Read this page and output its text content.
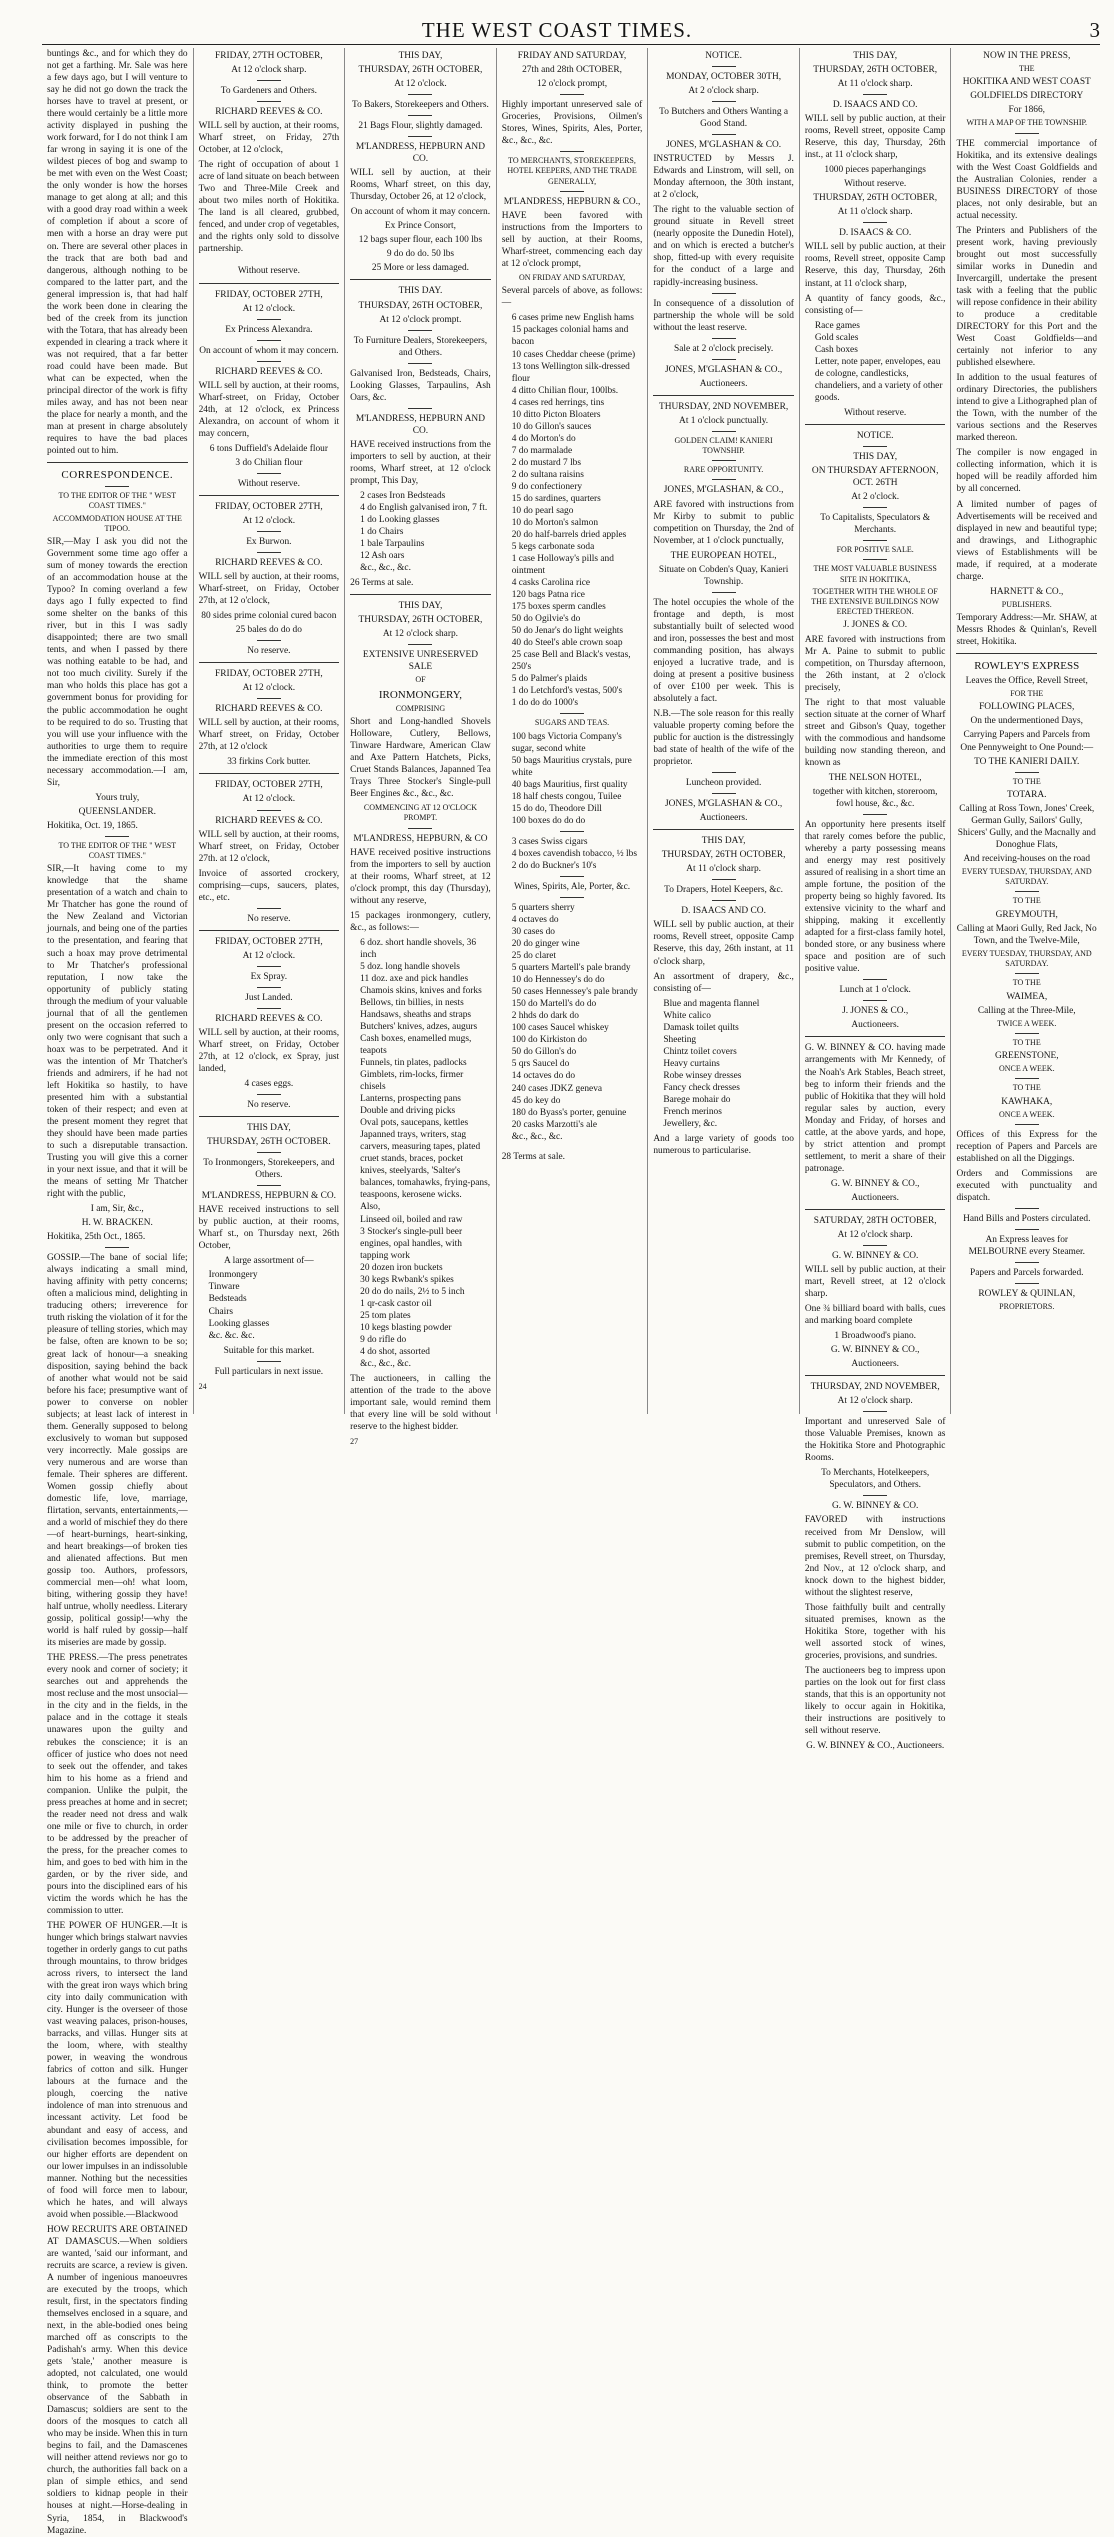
THE WEST COAST TIMES.	3
buntings &c., and for which they do not get a farthing. Mr. Sale was here a few days ago, but I will venture to say he did not go down the track the horses have to travel at present, or there would certainly be a little more activity displayed in pushing the work forward, for I do not think I am far wrong in saying it is one of the wildest pieces of bog and swamp to be met with even on the West Coast; the only wonder is how the horses manage to get along at all; and this with a good dray road within a week of completion if about a score of men with a horse an dray were put on. There are several other places in the track that are both bad and dangerous, although nothing to be compared to the latter part, and the general impression is, that had half the work been done in clearing the bed of the creek from its junction with the Totara, that has already been expended in clearing a track where it was not required, that a far better road could have been made. But what can be expected, when the principal director of the work is fifty miles away, and has not been near the place for nearly a month, and the man at present in charge absolutely requires to have the bad places pointed out to him.
CORRESPONDENCE.
TO THE EDITOR OF THE " WEST COAST TIMES."
ACCOMMODATION HOUSE AT THE TIPOO.
SIR,—May I ask you did not the Government some time ago offer a sum of money towards the erection of an accommodation house at the Typoo? In coming overland a few days ago I fully expected to find some shelter on the banks of this river, but in this I was sadly disappointed; there are two small tents, and when I passed by there was nothing eatable to be had, and not too much civility. Surely if the man who holds this place has got a government bonus for providing for the public accommodation he ought to be required to do so. Trusting that you will use your influence with the authorities to urge them to require the immediate erection of this most necessary accommodation.—I am, Sir,
Yours truly,
QUEENSLANDER.
Hokitika, Oct. 19, 1865.
TO THE EDITOR OF THE " WEST COAST TIMES."
SIR,—It having come to my knowledge that the shame presentation of a watch and chain to Mr Thatcher has gone the round of the New Zealand and Victorian journals, and being one of the parties to the presentation, and fearing that such a hoax may prove detrimental to Mr Thatcher's professional reputation, I now take the opportunity of publicly stating through the medium of your valuable journal that of all the gentlemen present on the occasion referred to only two were cognisant that such a hoax was to be perpetrated. And it was the intention of Mr Thatcher's friends and admirers, if he had not left Hokitika so hastily, to have presented him with a substantial token of their respect; and even at the present moment they regret that they should have been made parties to such a disreputable transaction. Trusting you will give this a corner in your next issue, and that it will be the means of setting Mr Thatcher right with the public,
I am, Sir, &c.,
H. W. BRACKEN.
Hokitika, 25th Oct., 1865.
GOSSIP.—The bane of social life; always indicating a small mind, having affinity with petty concerns; often a malicious mind, delighting in traducing others; irreverence for truth risking the violation of it for the pleasure of telling stories, which may be false, often are known to be so; great lack of honour—a sneaking disposition, saying behind the back of another what would not be said before his face; presumptive want of power to converse on nobler subjects; at least lack of interest in them. Generally supposed to belong exclusively to woman but supposed very incorrectly. Male gossips are very numerous and are worse than female. Their spheres are different. Women gossip chiefly about domestic life, love, marriage, flirtation, servants, entertainments,—and a world of mischief they do there—of heart-burnings, heart-sinking, and heart breakings—of broken ties and alienated affections. But men gossip too. Authors, professors, commercial men—oh! what loom, biting, withering gossip they have! half untrue, wholly needless. Literary gossip, political gossip!—why the world is half ruled by gossip—half its miseries are made by gossip.
THE PRESS.—The press penetrates every nook and corner of society; it searches out and apprehends the most recluse and the most unsocial—in the city and in the fields, in the palace and in the cottage it steals unawares upon the guilty and rebukes the conscience; it is an officer of justice who does not need to seek out the offender, and takes him to his home as a friend and companion. Unlike the pulpit, the press preaches at home and in secret; the reader need not dress and walk one mile or five to church, in order to be addressed by the preacher of the press, for the preacher comes to him, and goes to bed with him in the garden, or by the river side, and pours into the disciplined ears of his victim the words which he has the commission to utter.
THE POWER OF HUNGER.—It is hunger which brings stalwart navvies together in orderly gangs to cut paths through mountains, to throw bridges across rivers, to intersect the land with the great iron ways which bring city into daily communication with city. Hunger is the overseer of those vast weaving palaces, prison-houses, barracks, and villas. Hunger sits at the loom, where, with stealthy power, in weaving the wondrous fabrics of cotton and silk. Hunger labours at the furnace and the plough, coercing the native indolence of man into strenuous and incessant activity. Let food be abundant and easy of access, and civilisation becomes impossible, for our higher efforts are dependent on our lower impulses in an indissoluble manner. Nothing but the necessities of food will force men to labour, which he hates, and will always avoid when possible.—Blackwood
HOW RECRUITS ARE OBTAINED AT DAMASCUS.—When soldiers are wanted, 'said our informant, and recruits are scarce, a review is given. A number of ingenious manoeuvres are executed by the troops, which result, first, in the spectators finding themselves enclosed in a square, and next, in the able-bodied ones being marched off as conscripts to the Padishah's army. When this device gets 'stale,' another measure is adopted, not calculated, one would think, to promote the better observance of the Sabbath in Damascus; soldiers are sent to the doors of the mosques to catch all who may be inside. When this in turn begins to fail, and the Damascenes will neither attend reviews nor go to church, the authorities fall back on a plan of simple ethics, and send soldiers to kidnap people in their houses at night.—Horse-dealing in Syria, 1854, in Blackwood's Magazine.
FRIDAY, 27TH OCTOBER,
At 12 o'clock sharp.
To Gardeners and Others.
RICHARD REEVES & CO.
WILL sell by auction, at their rooms, Wharf street, on Friday, 27th October, at 12 o'clock,
The right of occupation of about 1 acre of land situate on beach between Two and Three-Mile Creek and about two miles north of Hokitika. The land is all cleared, grubbed, fenced, and under crop of vegetables, and the rights only sold to dissolve partnership.
Without reserve.
FRIDAY, OCTOBER 27TH,
At 12 o'clock.
Ex Princess Alexandra.
On account of whom it may concern.
RICHARD REEVES & CO.
WILL sell by auction, at their rooms, Wharf-street, on Friday, October 24th, at 12 o'clock, ex Princess Alexandra, on account of whom it may concern,
6 tons Duffield's Adelaide flour
3 do Chilian flour
Without reserve.
FRIDAY, OCTOBER 27TH,
At 12 o'clock.
Ex Burwon.
RICHARD REEVES & CO.
WILL sell by auction, at their rooms, Wharf-street, on Friday, October 27th, at 12 o'clock,
80 sides prime colonial cured bacon
25 bales do do do
No reserve.
FRIDAY, OCTOBER 27TH,
At 12 o'clock.
RICHARD REEVES & CO.
WILL sell by auction, at their rooms, Wharf street, on Friday, October 27th, at 12 o'clock
33 firkins Cork butter.
FRIDAY, OCTOBER 27TH,
At 12 o'clock.
RICHARD REEVES & CO.
WILL sell by auction, at their rooms, Wharf street, on Friday, October 27th. at 12 o'clock,
Invoice of assorted crockery, comprising—cups, saucers, plates, etc., etc.
No reserve.
FRIDAY, OCTOBER 27TH,
At 12 o'clock.
Ex Spray.
Just Landed.
RICHARD REEVES & CO.
WILL sell by auction, at their rooms, Wharf street, on Friday, October 27th, at 12 o'clock, ex Spray, just landed,
4 cases eggs.
No reserve.
THIS DAY,
THURSDAY, 26TH OCTOBER.
To Ironmongers, Storekeepers, and Others.
M'LANDRESS, HEPBURN & CO.
HAVE received instructions to sell by public auction, at their rooms, Wharf st., on Thursday next, 26th October,
A large assortment of—
Ironmongery
Tinware
Bedsteads
Chairs
Looking glasses
&c. &c. &c.
Suitable for this market.
Full particulars in next issue.
24
THIS DAY,
THURSDAY, 26TH OCTOBER,
At 12 o'clock.
To Bakers, Storekeepers and Others.
21 Bags Flour, slightly damaged.
M'LANDRESS, HEPBURN AND CO.
WILL sell by auction, at their Rooms, Wharf street, on this day, Thursday, October 26, at 12 o'clock,
On account of whom it may concern.
Ex Prince Consort,
12 bags super flour, each 100 lbs
9 do do do. 50 lbs
25 More or less damaged.
THIS DAY.
THURSDAY, 26TH OCTOBER,
At 12 o'clock prompt.
To Furniture Dealers, Storekeepers, and Others.
Galvanised Iron, Bedsteads, Chairs, Looking Glasses, Tarpaulins, Ash Oars, &c.
M'LANDRESS, HEPBURN AND CO.
HAVE received instructions from the importers to sell by auction, at their rooms, Wharf street, at 12 o'clock prompt, This Day,
2 cases Iron Bedsteads
4 do English galvanised iron, 7 ft.
1 do Looking glasses
1 do Chairs
1 bale Tarpaulins
12 Ash oars
&c., &c., &c.
26 Terms at sale.
THIS DAY,
THURSDAY, 26TH OCTOBER,
At 12 o'clock sharp.
EXTENSIVE UNRESERVED SALE
OF
IRONMONGERY,
COMPRISING
Short and Long-handled Shovels Holloware, Cutlery, Bellows, Tinware Hardware, American Claw and Axe Pattern Hatchets, Picks, Cruet Stands Balances, Japanned Tea Trays Three Stocker's Single-pull Beer Engines &c., &c., &c.
COMMENCING AT 12 O'CLOCK PROMPT.
M'LANDRESS, HEPBURN, & CO
HAVE received positive instructions from the importers to sell by auction at their rooms, Wharf street, at 12 o'clock prompt, this day (Thursday), without any reserve,
15 packages ironmongery, cutlery, &c., as follows:—
6 doz. short handle shovels, 36 inch
5 doz. long handle shovels
11 doz. axe and pick handles
Chamois skins, knives and forks
Bellows, tin billies, in nests
Handsaws, sheaths and straps
Butchers' knives, adzes, augurs
Cash boxes, enamelled mugs, teapots
Funnels, tin plates, padlocks
Gimblets, rim-locks, firmer chisels
Lanterns, prospecting pans
Double and driving picks
Oval pots, saucepans, kettles
Japanned trays, writers, stag carvers, measuring tapes, plated cruet stands, braces, pocket knives, steelyards, 'Salter's balances, tomahawks, frying-pans, teaspoons, kerosene wicks.
Also,
Linseed oil, boiled and raw
3 Stocker's single-pull beer engines, opal handles, with tapping work
20 dozen iron buckets
30 kegs Rwbank's spikes
20 do do nails, 2½ to 5 inch
1 qr-cask castor oil
25 tom plates
10 kegs blasting powder
9 do rifle do
4 do shot, assorted
&c., &c., &c.
The auctioneers, in calling the attention of the trade to the above important sale, would remind them that every line will be sold without reserve to the highest bidder.
27
FRIDAY AND SATURDAY,
27th and 28th OCTOBER,
12 o'clock prompt,
Highly important unreserved sale of Groceries, Provisions, Oilmen's Stores, Wines, Spirits, Ales, Porter, &c., &c., &c.
TO MERCHANTS, STOREKEEPERS, HOTEL KEEPERS, AND THE TRADE GENERALLY,
M'LANDRESS, HEPBURN & CO.,
HAVE been favored with instructions from the Importers to sell by auction, at their Rooms, Wharf-street, commencing each day at 12 o'clock prompt,
ON FRIDAY AND SATURDAY,
Several parcels of above, as follows:—
6 cases prime new English hams
15 packages colonial hams and bacon
10 cases Cheddar cheese (prime)
13 tons Wellington silk-dressed flour
4 ditto Chilian flour, 100lbs.
4 cases red herrings, tins
10 ditto Picton Bloaters
10 do Gillon's sauces
4 do Morton's do
7 do marmalade
2 do mustard 7 lbs
2 do sultana raisins
9 do confectionery
15 do sardines, quarters
10 do pearl sago
10 do Morton's salmon
20 do half-barrels dried apples
5 kegs carbonate soda
1 case Holloway's pills and ointment
4 casks Carolina rice
120 bags Patna rice
175 boxes sperm candles
50 do Ogilvie's do
50 do Jenar's do light weights
40 do Steel's able crown soap
25 case Bell and Black's vestas, 250's
5 do Palmer's plaids
1 do Letchford's vestas, 500's
1 do do do 1000's
SUGARS AND TEAS.
100 bags Victoria Company's sugar, second white
50 bags Mauritius crystals, pure white
40 bags Mauritius, first quality
18 half chests congou, Tuilee
15 do do, Theodore Dill
100 boxes do do do
3 cases Swiss cigars
4 boxes cavendish tobacco, ½ lbs
2 do do Buckner's 10's
Wines, Spirits, Ale, Porter, &c.
5 quarters sherry
4 octaves do
30 cases do
20 do ginger wine
25 do claret
5 quarters Martell's pale brandy
10 do Hennessey's do do
50 cases Hennessey's pale brandy
150 do Martell's do do
2 hhds do dark do
100 cases Saucel whiskey
100 do Kirkiston do
50 do Gillon's do
5 qrs Saucel do
14 octaves do do
240 cases JDKZ geneva
45 do key do
180 do Byass's porter, genuine
20 casks Marzotti's ale
&c., &c., &c.
28 Terms at sale.
NOTICE.
MONDAY, OCTOBER 30TH,
At 2 o'clock sharp.
To Butchers and Others Wanting a Good Stand.
JONES, M'GLASHAN & CO.
INSTRUCTED by Messrs J. Edwards and Linstrom, will sell, on Monday afternoon, the 30th instant, at 2 o'clock,
The right to the valuable section of ground situate in Revell street (nearly opposite the Dunedin Hotel), and on which is erected a butcher's shop, fitted-up with every requisite for the conduct of a large and rapidly-increasing business.
In consequence of a dissolution of partnership the whole will be sold without the least reserve.
Sale at 2 o'clock precisely.
JONES, M'GLASHAN & CO.,
Auctioneers.
THURSDAY, 2ND NOVEMBER,
At 1 o'clock punctually.
GOLDEN CLAIM! KANIERI TOWNSHIP.
RARE OPPORTUNITY.
JONES, M'GLASHAN, & CO.,
ARE favored with instructions from Mr Kirby to submit to public competition on Thursday, the 2nd of November, at 1 o'clock punctually,
THE EUROPEAN HOTEL,
Situate on Cobden's Quay, Kanieri Township.
The hotel occupies the whole of the frontage and depth, is most substantially built of selected wood and iron, possesses the best and most commanding position, has always enjoyed a lucrative trade, and is doing at present a positive business of over £100 per week. This is absolutely a fact.
N.B.—The sole reason for this really valuable property coming before the public for auction is the distressingly bad state of health of the wife of the proprietor.
Luncheon provided.
JONES, M'GLASHAN & CO.,
Auctioneers.
THIS DAY,
THURSDAY, 26TH OCTOBER,
At 11 o'clock sharp.
To Drapers, Hotel Keepers, &c.
D. ISAACS AND CO.
WILL sell by public auction, at their rooms, Revell street, opposite Camp Reserve, this day, 26th instant, at 11 o'clock sharp,
An assortment of drapery, &c., consisting of—
Blue and magenta flannel
White calico
Damask toilet quilts
Sheeting
Chintz toilet covers
Heavy curtains
Robe winsey dresses
Fancy check dresses
Barege mohair do
French merinos
Jewellery, &c.
And a large variety of goods too numerous to particularise.
THIS DAY,
THURSDAY, 26TH OCTOBER,
At 11 o'clock sharp.
D. ISAACS AND CO.
WILL sell by public auction, at their rooms, Revell street, opposite Camp Reserve, this day, Thursday, 26th inst., at 11 o'clock sharp,
1000 pieces paperhangings
Without reserve.
THURSDAY, 26TH OCTOBER,
At 11 o'clock sharp.
D. ISAACS & CO.
WILL sell by public auction, at their rooms, Revell street, opposite Camp Reserve, this day, Thursday, 26th instant, at 11 o'clock sharp,
A quantity of fancy goods, &c., consisting of—
Race games
Gold scales
Cash boxes
Letter, note paper, envelopes, eau de cologne, candlesticks, chandeliers, and a variety of other goods.
Without reserve.
NOTICE.
THIS DAY,
ON THURSDAY AFTERNOON, OCT. 26TH
At 2 o'clock.
To Capitalists, Speculators & Merchants.
FOR POSITIVE SALE.
THE MOST VALUABLE BUSINESS SITE IN HOKITIKA,
TOGETHER WITH THE WHOLE OF THE EXTENSIVE BUILDINGS NOW ERECTED THEREON.
J. JONES & CO.
ARE favored with instructions from Mr A. Paine to submit to public competition, on Thursday afternoon, the 26th instant, at 2 o'clock precisely,
The right to that most valuable section situate at the corner of Wharf street and Gibson's Quay, together with the commodious and handsome building now standing thereon, and known as
THE NELSON HOTEL,
together with kitchen, storeroom, fowl house, &c., &c.
An opportunity here presents itself that rarely comes before the public, whereby a party possessing means and energy may rest positively assured of realising in a short time an ample fortune, the position of the property being so highly favored. Its extensive vicinity to the wharf and shipping, making it excellently adapted for a first-class family hotel, bonded store, or any business where space and position are of such positive value.
Lunch at 1 o'clock.
J. JONES & CO.,
Auctioneers.
G. W. BINNEY & CO. having made arrangements with Mr Kennedy, of the Noah's Ark Stables, Beach street, beg to inform their friends and the public of Hokitika that they will hold regular sales by auction, every Monday and Friday, of horses and cattle, at the above yards, and hope, by strict attention and prompt settlement, to merit a share of their patronage.
G. W. BINNEY & CO.,
Auctioneers.
SATURDAY, 28TH OCTOBER,
At 12 o'clock sharp.
G. W. BINNEY & CO.
WILL sell by public auction, at their mart, Revell street, at 12 o'clock sharp.
One ¾ billiard board with balls, cues and marking board complete
1 Broadwood's piano.
G. W. BINNEY & CO.,
Auctioneers.
THURSDAY, 2ND NOVEMBER,
At 12 o'clock sharp.
Important and unreserved Sale of those Valuable Premises, known as the Hokitika Store and Photographic Rooms.
To Merchants, Hotelkeepers, Speculators, and Others.
G. W. BINNEY & CO.
FAVORED with instructions received from Mr Denslow, will submit to public competition, on the premises, Revell street, on Thursday, 2nd Nov., at 12 o'clock sharp, and knock down to the highest bidder, without the slightest reserve,
Those faithfully built and centrally situated premises, known as the Hokitika Store, together with his well assorted stock of wines, groceries, provisions, and sundries.
The auctioneers beg to impress upon parties on the look out for first class stands, that this is an opportunity not likely to occur again in Hokitika, their instructions are positively to sell without reserve.
G. W. BINNEY & CO., Auctioneers.
NOW IN THE PRESS,
THE
HOKITIKA AND WEST COAST
GOLDFIELDS DIRECTORY
For 1866,
WITH A MAP OF THE TOWNSHIP.
THE commercial importance of Hokitika, and its extensive dealings with the West Coast Goldfields and the Australian Colonies, render a BUSINESS DIRECTORY of those places, not only desirable, but an actual necessity.
The Printers and Publishers of the present work, having previously brought out most successfully similar works in Dunedin and Invercargill, undertake the present task with a feeling that the public will repose confidence in their ability to produce a creditable DIRECTORY for this Port and the West Coast Goldfields—and certainly not inferior to any published elsewhere.
In addition to the usual features of ordinary Directories, the publishers intend to give a Lithographed plan of the Town, with the number of the various sections and the Reserves marked thereon.
The compiler is now engaged in collecting information, which it is hoped will be readily afforded him by all concerned.
A limited number of pages of Advertisements will be received and displayed in new and beautiful type; and drawings, and Lithographic views of Establishments will be made, if required, at a moderate charge.
HARNETT & CO.,
PUBLISHERS.
Temporary Address:—Mr. SHAW, at Messrs Rhodes & Quinlan's, Revell street, Hokitika.
ROWLEY'S EXPRESS
Leaves the Office, Revell Street,
FOR THE
FOLLOWING PLACES,
On the undermentioned Days,
Carrying Papers and Parcels from One Pennyweight to One Pound:—
TO THE KANIERI DAILY.
TO THE
TOTARA.
Calling at Ross Town, Jones' Creek, German Gully, Sailors' Gully, Shicers' Gully, and the Macnally and Donoghue Flats,
And receiving-houses on the road
EVERY TUESDAY, THURSDAY, AND SATURDAY.
TO THE
GREYMOUTH,
Calling at Maori Gully, Red Jack, No Town, and the Twelve-Mile,
EVERY TUESDAY, THURSDAY, AND SATURDAY.
TO THE
WAIMEA,
Calling at the Three-Mile,
TWICE A WEEK.
TO THE
GREENSTONE,
ONCE A WEEK.
TO THE
KAWHAKA,
ONCE A WEEK.
Offices of this Express for the reception of Papers and Parcels are established on all the Diggings.
Orders and Commissions are executed with punctuality and dispatch.
Hand Bills and Posters circulated.
An Express leaves for MELBOURNE every Steamer.
Papers and Parcels forwarded.
ROWLEY & QUINLAN,
PROPRIETORS.
